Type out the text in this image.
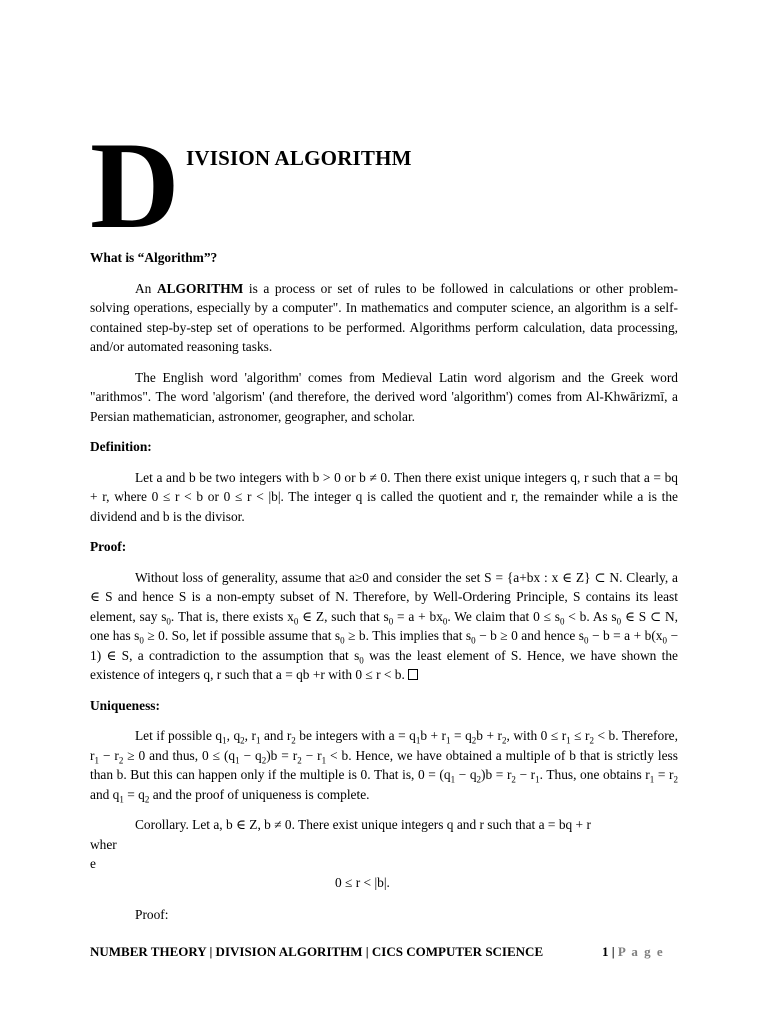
D IVISION ALGORITHM

What is “Algorithm”?

An ALGORITHM is a process or set of rules to be followed in calculations or other problem-solving operations, especially by a computer". In mathematics and computer science, an algorithm is a self-contained step-by-step set of operations to be performed. Algorithms perform calculation, data processing, and/or automated reasoning tasks.

The English word 'algorithm' comes from Medieval Latin word algorism and the Greek word "arithmos". The word 'algorism' (and therefore, the derived word 'algorithm') comes from Al-Khwārizmī, a Persian mathematician, astronomer, geographer, and scholar.

Definition:

Let a and b be two integers with b > 0 or b ≠ 0. Then there exist unique integers q, r such that a = bq + r, where 0 ≤ r < b or 0 ≤ r < |b|. The integer q is called the quotient and r, the remainder while a is the dividend and b is the divisor.

Proof:

Without loss of generality, assume that a≥0 and consider the set S = {a+bx : x ∈ Z} ⊂ N. Clearly, a ∈ S and hence S is a non-empty subset of N. Therefore, by Well-Ordering Principle, S contains its least element, say $s_0$. That is, there exists $x_0$ ∈ Z, such that $s_0 = a + bx_0$. We claim that $0 \le s_0 < b$. As $s_0$ ∈ S ⊂ N, one has $s_0 \ge 0$. So, let if possible assume that $s_0 \ge b$. This implies that $s_0 - b \ge 0$ and hence $s_0 - b = a + b(x_0 - 1)$ ∈ S, a contradiction to the assumption that $s_0$ was the least element of S. Hence, we have shown the existence of integers q, r such that a = qb +r with 0 ≤ r < b.

Uniqueness:

Let if possible $q_1$, $q_2$, $r_1$ and $r_2$ be integers with $a = q_1b + r_1 = q_2b + r_2$, with $0 \le r_1 \le r_2 < b$. Therefore, $r_1 - r_2 \ge 0$ and thus, $0 \le (q_1 - q_2)b = r_2 - r_1 < b$. Hence, we have obtained a multiple of b that is strictly less than b. But this can happen only if the multiple is 0. That is, $0 = (q_1 - q_2)b = r_2 - r_1$. Thus, one obtains $r_1 = r_2$ and $q_1 = q_2$ and the proof of uniqueness is complete.

Corollary. Let a, b ∈ Z, b ≠ 0. There exist unique integers q and r such that a = bq + r

wher

e

0 ≤ r < |b|.

Proof:

NUMBER THEORY | DIVISION ALGORITHM | CICS COMPUTER SCIENCE	1 | P a g e
